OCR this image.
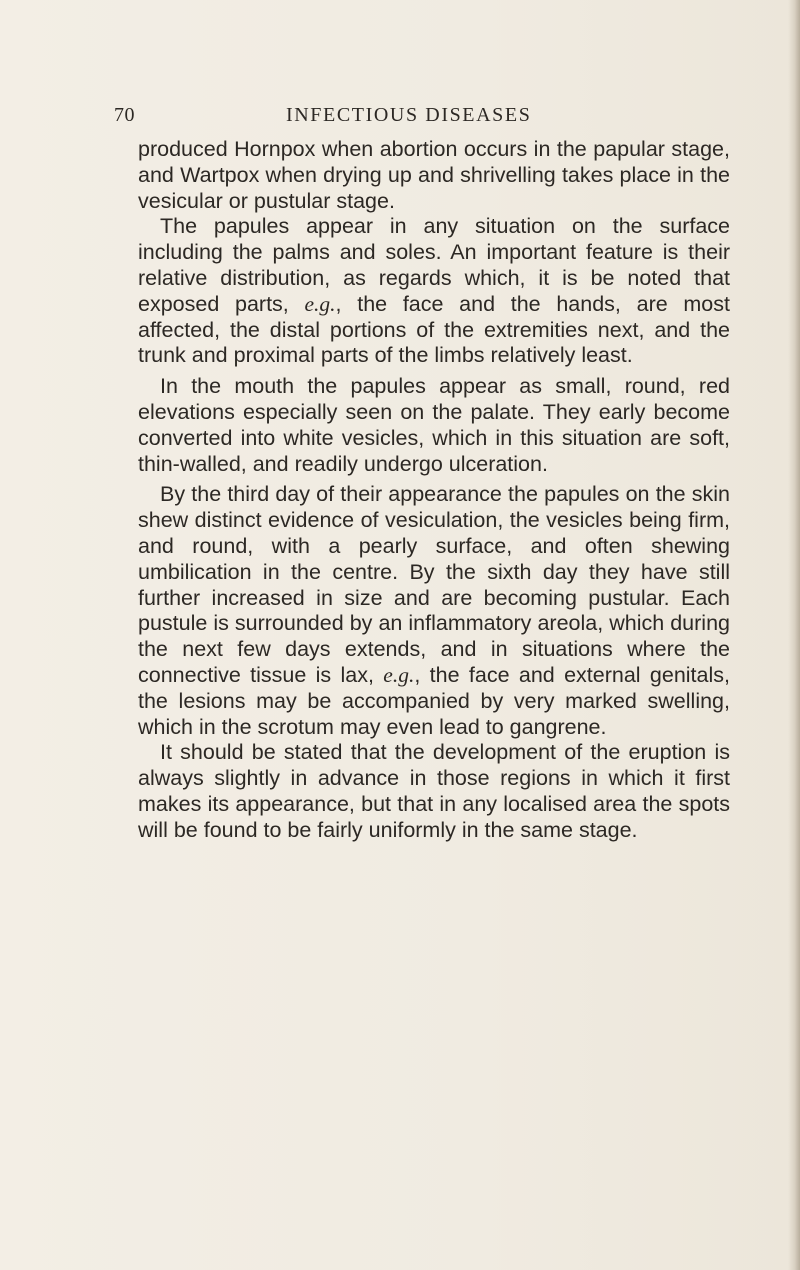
70	INFECTIOUS DISEASES

produced Hornpox when abortion occurs in the papular stage, and Wartpox when drying up and shrivelling takes place in the vesicular or pustular stage.

The papules appear in any situation on the surface including the palms and soles. An important feature is their relative distribution, as regards which, it is be noted that exposed parts, e.g., the face and the hands, are most affected, the distal portions of the extremities next, and the trunk and proximal parts of the limbs relatively least.

In the mouth the papules appear as small, round, red elevations especially seen on the palate. They early become converted into white vesicles, which in this situation are soft, thin-walled, and readily undergo ulceration.

By the third day of their appearance the papules on the skin shew distinct evidence of vesiculation, the vesicles being firm, and round, with a pearly surface, and often shewing umbilication in the centre. By the sixth day they have still further increased in size and are becoming pustular. Each pustule is surrounded by an inflammatory areola, which during the next few days extends, and in situations where the connective tissue is lax, e.g., the face and external genitals, the lesions may be accompanied by very marked swelling, which in the scrotum may even lead to gangrene.

It should be stated that the development of the eruption is always slightly in advance in those regions in which it first makes its appearance, but that in any localised area the spots will be found to be fairly uniformly in the same stage.
